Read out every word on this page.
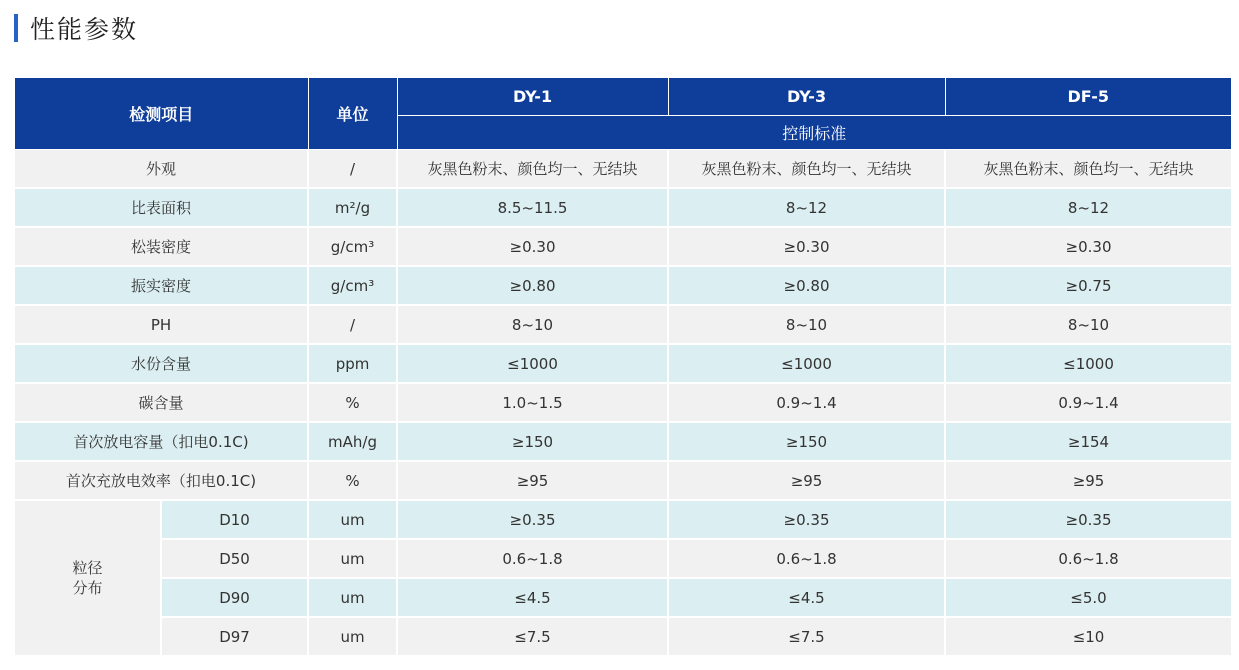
性能参数
检测项目		单位	DY-1	DY-3	DF-5
			控制标准		
外观		/	灰黑色粉末、颜色均一、无结块	灰黑色粉末、颜色均一、无结块	灰黑色粉末、颜色均一、无结块
比表面积		m²/g	8.5~11.5	8~12	8~12
松装密度		g/cm³	≥0.30	≥0.30	≥0.30
振实密度		g/cm³	≥0.80	≥0.80	≥0.75
PH		/	8~10	8~10	8~10
水份含量		ppm	≤1000	≤1000	≤1000
碳含量		%	1.0~1.5	0.9~1.4	0.9~1.4
首次放电容量（扣电0.1C)		mAh/g	≥150	≥150	≥154
首次充放电效率（扣电0.1C)		%	≥95	≥95	≥95

粒径
分布	D10	um	≥0.35	≥0.35	≥0.35
	D50	um	0.6~1.8	0.6~1.8	0.6~1.8
	D90	um	≤4.5	≤4.5	≤5.0
	D97	um	≤7.5	≤7.5	≤10
